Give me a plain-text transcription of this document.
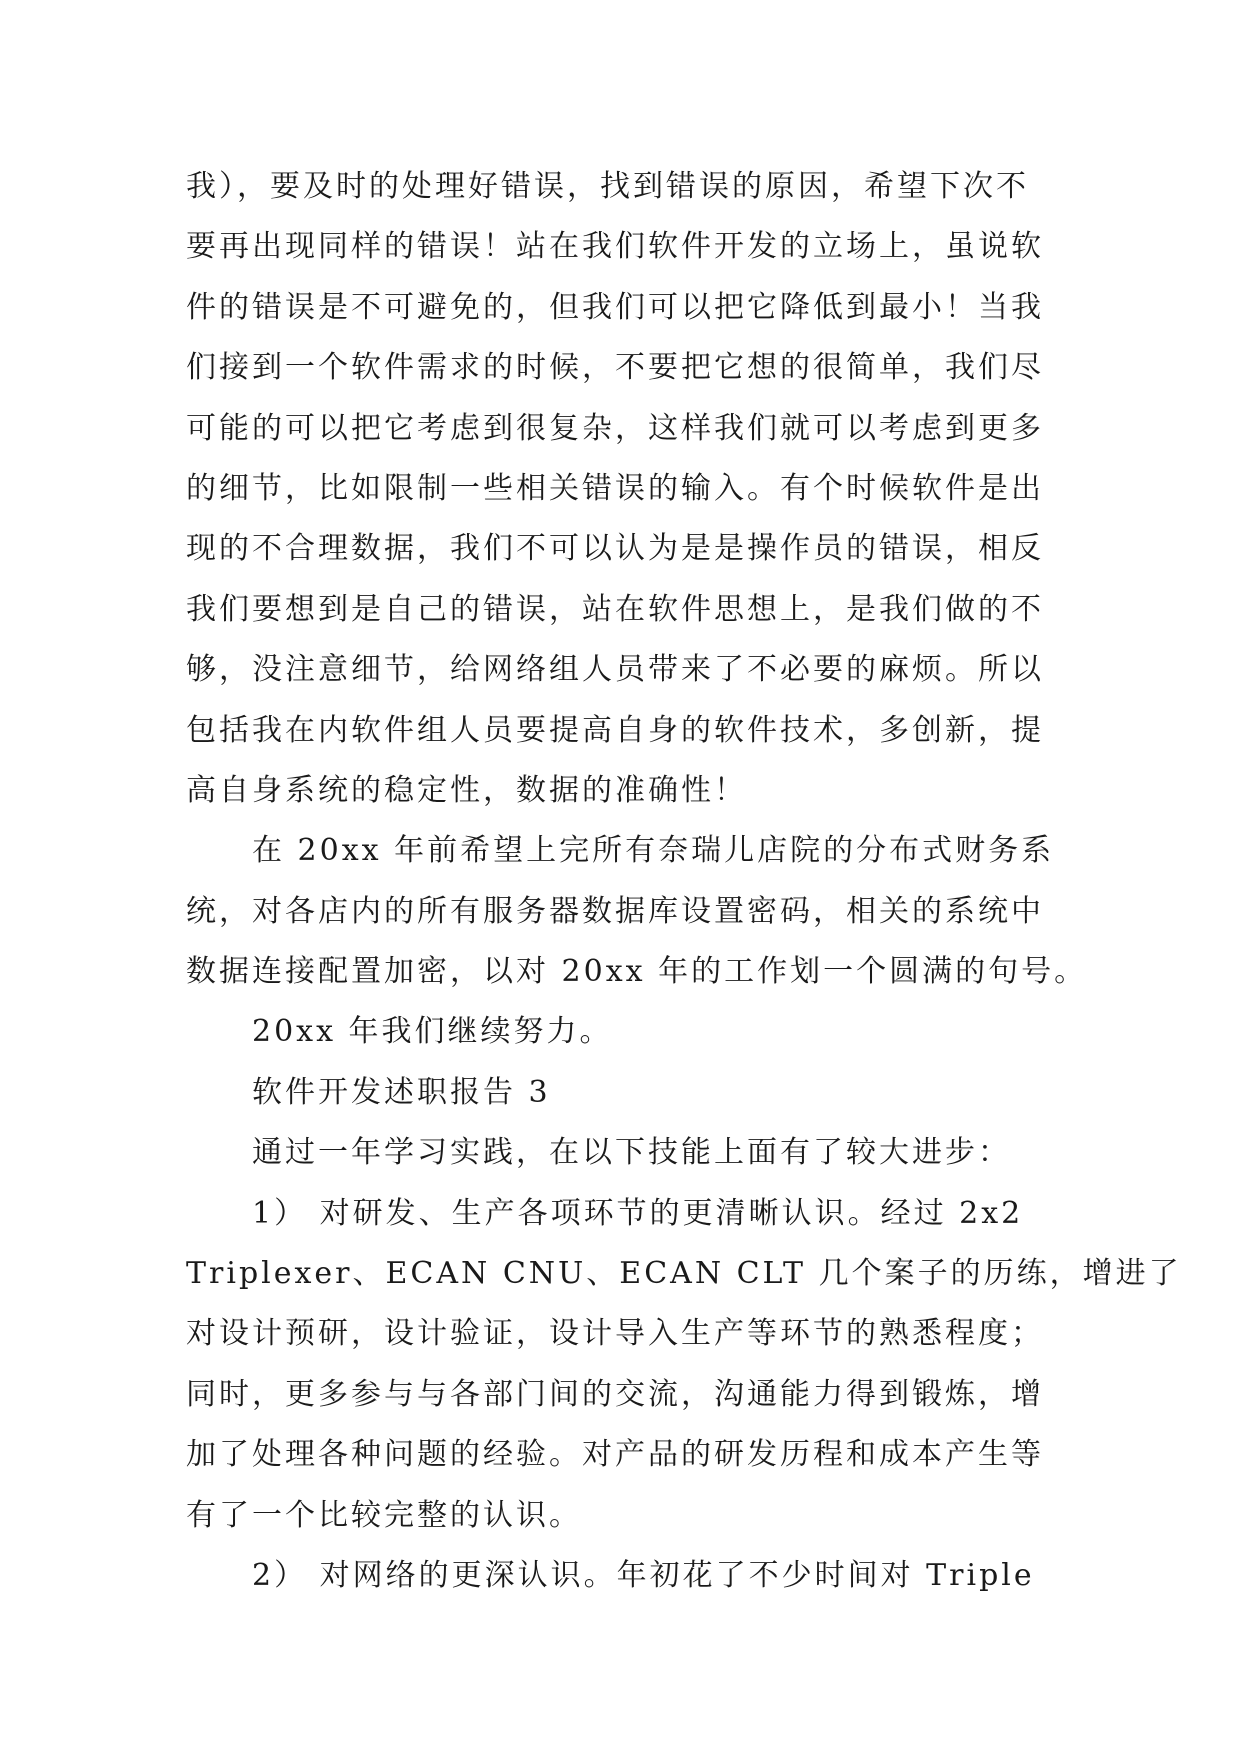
我），要及时的处理好错误，找到错误的原因，希望下次不
要再出现同样的错误！站在我们软件开发的立场上，虽说软
件的错误是不可避免的，但我们可以把它降低到最小！当我
们接到一个软件需求的时候，不要把它想的很简单，我们尽
可能的可以把它考虑到很复杂，这样我们就可以考虑到更多
的细节，比如限制一些相关错误的输入。有个时候软件是出
现的不合理数据，我们不可以认为是是操作员的错误，相反
我们要想到是自己的错误，站在软件思想上，是我们做的不
够，没注意细节，给网络组人员带来了不必要的麻烦。所以
包括我在内软件组人员要提高自身的软件技术，多创新，提
高自身系统的稳定性，数据的准确性！
在 20xx 年前希望上完所有奈瑞儿店院的分布式财务系
统，对各店内的所有服务器数据库设置密码，相关的系统中
数据连接配置加密，以对 20xx 年的工作划一个圆满的句号。
20xx 年我们继续努力。
软件开发述职报告 3
通过一年学习实践，在以下技能上面有了较大进步：
1） 对研发、生产各项环节的更清晰认识。经过 2x2
Triplexer、ECAN CNU、ECAN CLT 几个案子的历练，增进了
对设计预研，设计验证，设计导入生产等环节的熟悉程度；
同时，更多参与与各部门间的交流，沟通能力得到锻炼，增
加了处理各种问题的经验。对产品的研发历程和成本产生等
有了一个比较完整的认识。
2） 对网络的更深认识。年初花了不少时间对 Triple
